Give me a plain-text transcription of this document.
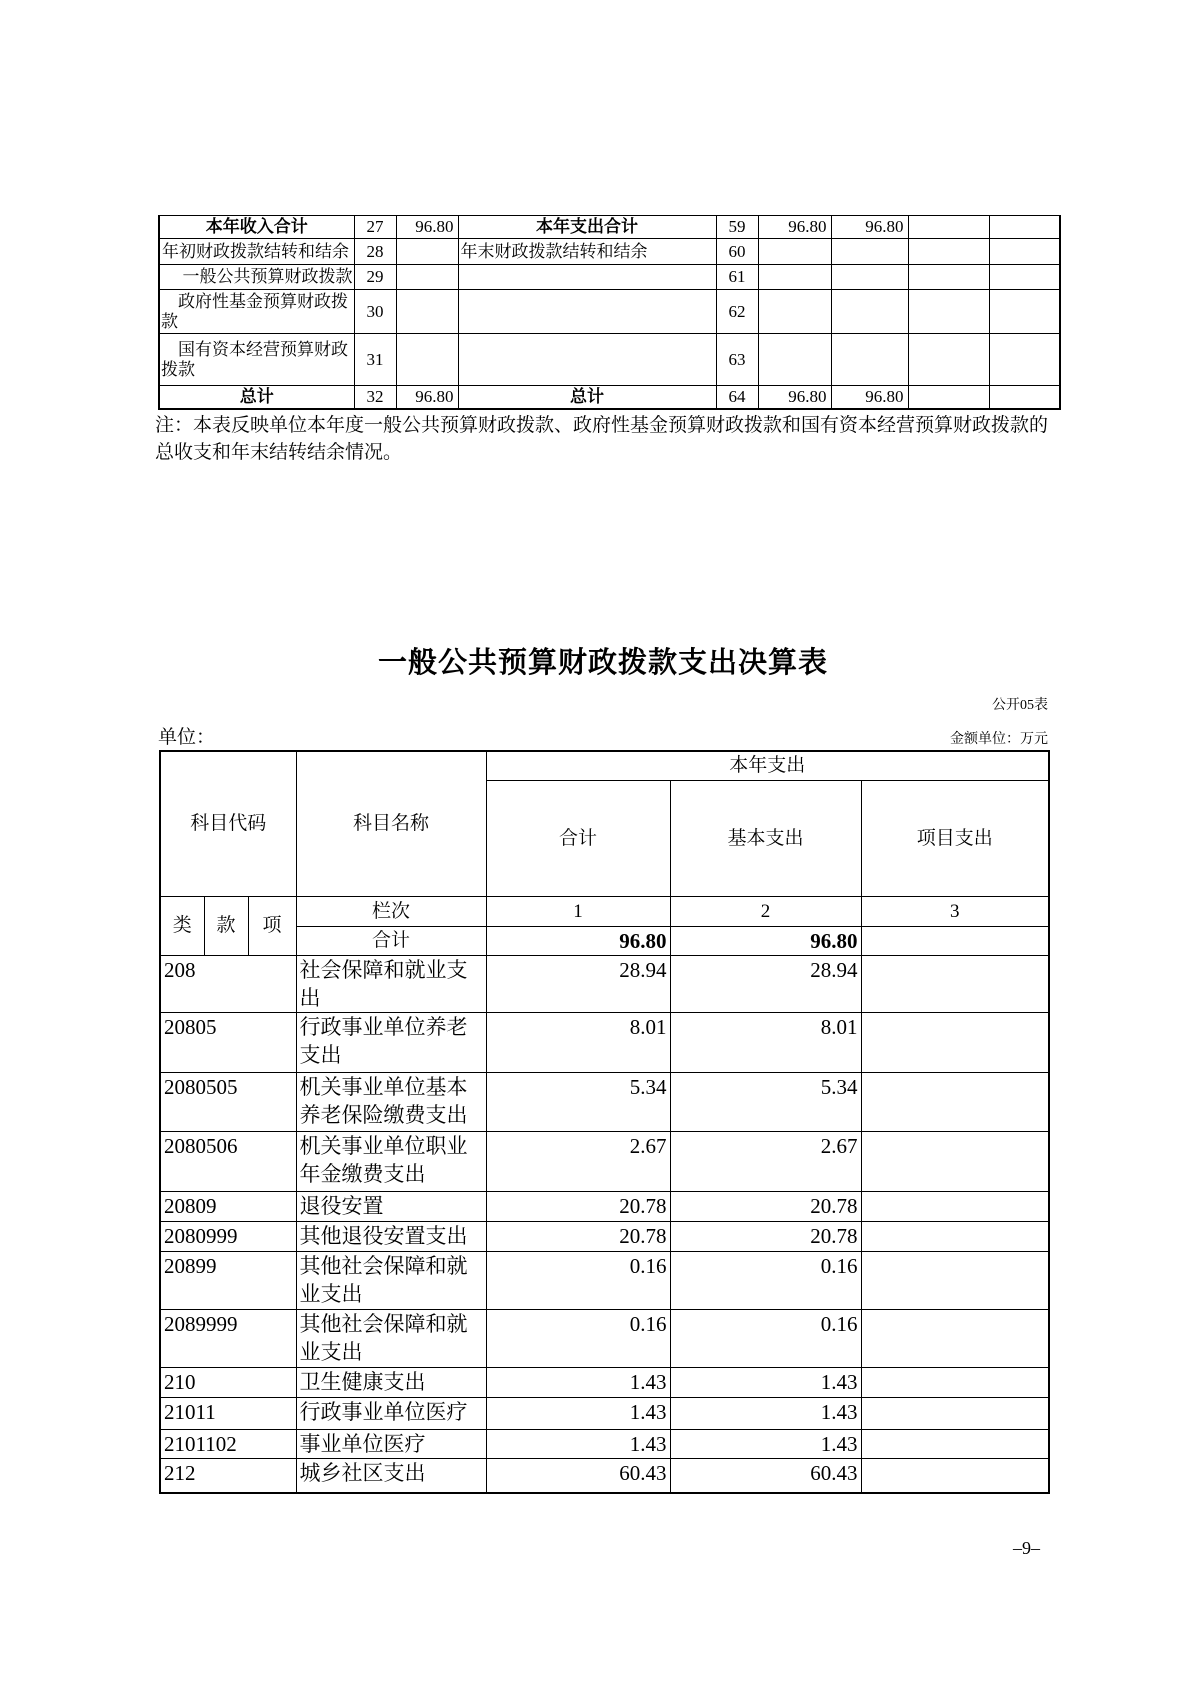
本年收入合计	27	96.80	本年支出合计	59	96.80	96.80		
年初财政拨款结转和结余	28		年末财政拨款结转和结余	60				
一般公共预算财政拨款	29			61				
政府性基金预算财政拨款	30			62				
国有资本经营预算财政拨款	31			63				
总计	32	96.80	总计	64	96.80	96.80		
注：本表反映单位本年度一般公共预算财政拨款、政府性基金预算财政拨款和国有资本经营预算财政拨款的总收支和年末结转结余情况。
一般公共预算财政拨款支出决算表
公开05表
单位：	金额单位：万元
科目代码			科目名称	本年支出		
				合计	基本支出	项目支出
类	款	项	栏次	1	2	3
			合计	96.80	96.80	
208			社会保障和就业支出	28.94	28.94	
20805			行政事业单位养老支出	8.01	8.01	
2080505			机关事业单位基本养老保险缴费支出	5.34	5.34	
2080506			机关事业单位职业年金缴费支出	2.67	2.67	
20809			退役安置	20.78	20.78	
2080999			其他退役安置支出	20.78	20.78	
20899			其他社会保障和就业支出	0.16	0.16	
2089999			其他社会保障和就业支出	0.16	0.16	
210			卫生健康支出	1.43	1.43	
21011			行政事业单位医疗	1.43	1.43	
2101102			事业单位医疗	1.43	1.43	
212			城乡社区支出	60.43	60.43	
–9–
